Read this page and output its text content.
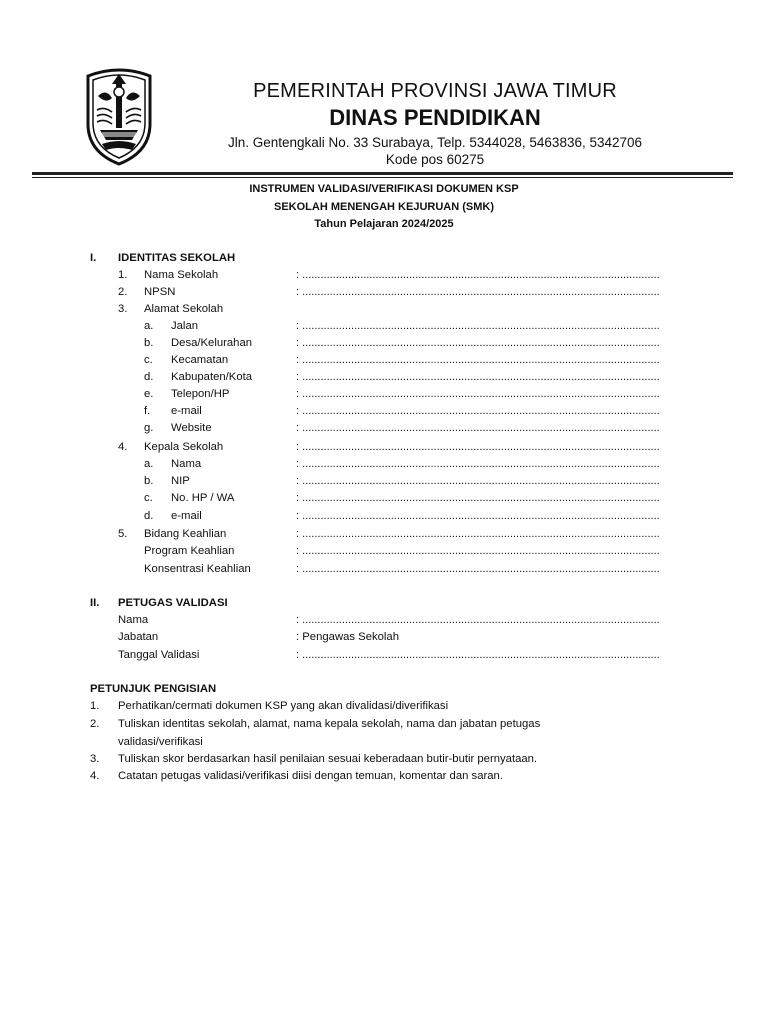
PEMERINTAH PROVINSI JAWA TIMUR
DINAS PENDIDIKAN
Jln. Gentengkali No. 33 Surabaya, Telp. 5344028, 5463836, 5342706
Kode pos 60275
INSTRUMEN VALIDASI/VERIFIKASI DOKUMEN KSP
SEKOLAH MENENGAH KEJURUAN (SMK)
Tahun Pelajaran 2024/2025
I. IDENTITAS SEKOLAH
1. Nama Sekolah	: .....
2. NPSN	: .....
3. Alamat Sekolah
a. Jalan	: .....
b. Desa/Kelurahan	: .....
c. Kecamatan	: .....
d. Kabupaten/Kota	: .....
e. Telepon/HP	: .....
f. e-mail	: .....
g. Website	: .....
4. Kepala Sekolah	: .....
a. Nama	: .....
b. NIP	: .....
c. No. HP / WA	: .....
d. e-mail	: .....
5. Bidang Keahlian	: .....
Program Keahlian	: .....
Konsentrasi Keahlian	: .....
II. PETUGAS VALIDASI
Nama	: .....
Jabatan	: Pengawas Sekolah
Tanggal Validasi	: .....
PETUNJUK PENGISIAN
1. Perhatikan/cermati dokumen KSP yang akan divalidasi/diverifikasi
2. Tuliskan identitas sekolah, alamat, nama kepala sekolah, nama dan jabatan petugas
validasi/verifikasi
3. Tuliskan skor berdasarkan hasil penilaian sesuai keberadaan butir-butir pernyataan.
4. Catatan petugas validasi/verifikasi diisi dengan temuan, komentar dan saran.
